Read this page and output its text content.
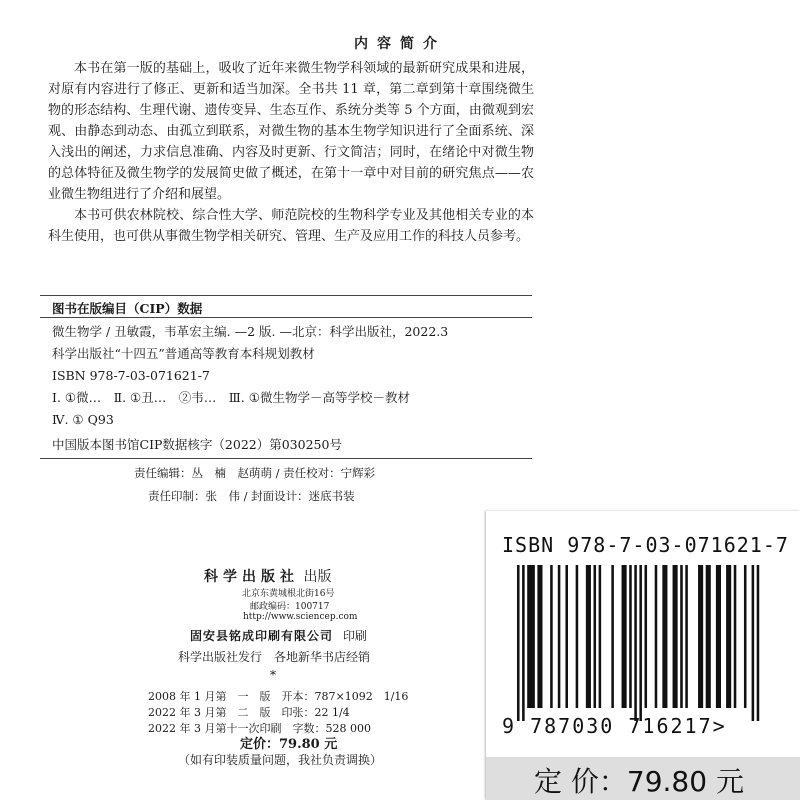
内容简介

本书在第一版的基础上，吸收了近年来微生物学科领域的最新研究成果和进展，对原有内容进行了修正、更新和适当加深。全书共 11 章，第二章到第十章围绕微生物的形态结构、生理代谢、遗传变异、生态互作、系统分类等 5 个方面，由微观到宏观、由静态到动态、由孤立到联系，对微生物的基本生物学知识进行了全面系统、深入浅出的阐述，力求信息准确、内容及时更新、行文简洁；同时，在绪论中对微生物的总体特征及微生物学的发展简史做了概述，在第十一章中对目前的研究焦点——农业微生物组进行了介绍和展望。

本书可供农林院校、综合性大学、师范院校的生物科学专业及其他相关专业的本科生使用，也可供从事微生物学相关研究、管理、生产及应用工作的科技人员参考。

图书在版编目（CIP）数据
微生物学 / 丑敏霞，韦革宏主编. —2 版. —北京：科学出版社，2022.3
科学出版社“十四五”普通高等教育本科规划教材
ISBN 978-7-03-071621-7
Ⅰ. ①微…　Ⅱ. ①丑…　②韦…　Ⅲ. ①微生物学－高等学校－教材
Ⅳ. ① Q93
中国版本图书馆CIP数据核字（2022）第030250号
责任编辑：丛　楠　赵萌萌 / 责任校对：宁辉彩
责任印制：张　伟 / 封面设计：迷底书装
科学出版社 出版
北京东黄城根北街16号
邮政编码：100717
http://www.sciencep.com
固安县铭成印刷有限公司 印刷
科学出版社发行　各地新华书店经销
*
2008 年 1 月第　一　版　开本：787×1092　1/16
2022 年 3 月第　二　版　印张：22 1/4
2022 年 3 月第十一次印刷　字数：528 000
定价：79.80 元
（如有印装质量问题，我社负责调换）
ISBN 978-7-03-071621-7
9 787030 716217>
定 价：79.80 元
